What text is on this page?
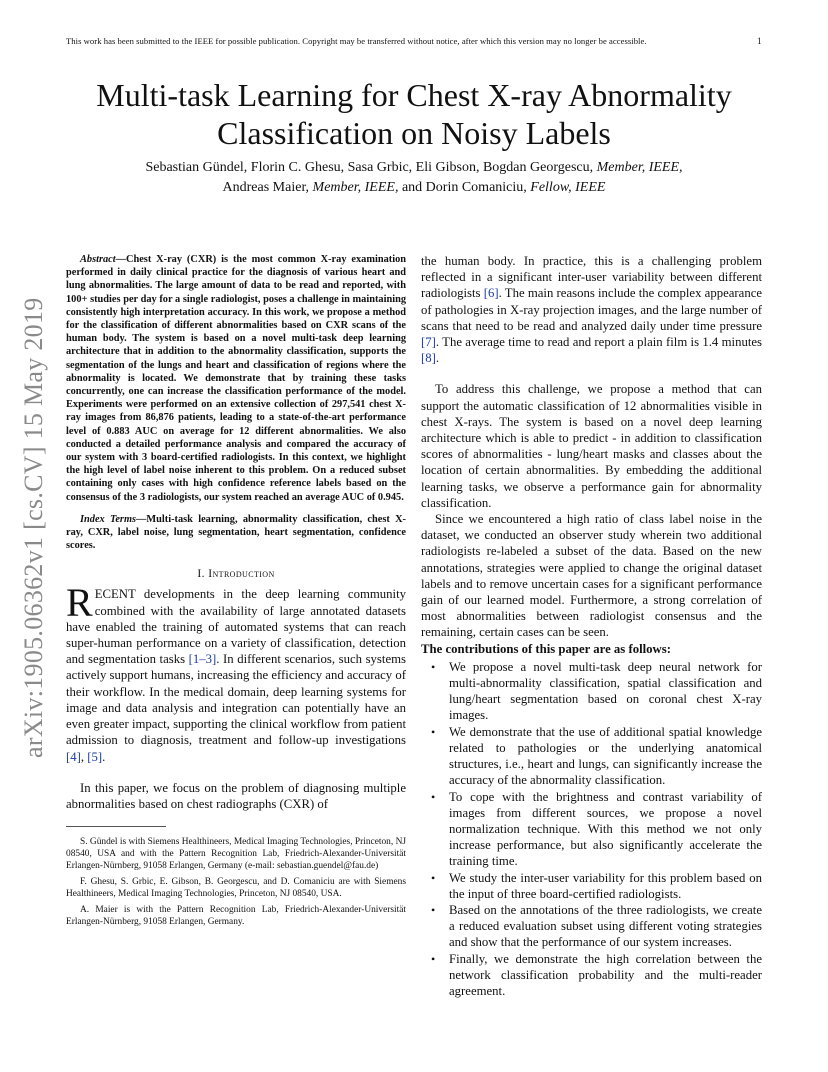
This work has been submitted to the IEEE for possible publication. Copyright may be transferred without notice, after which this version may no longer be accessible.	1
arXiv:1905.06362v1 [cs.CV] 15 May 2019
Multi-task Learning for Chest X-ray Abnormality
Classification on Noisy Labels
Sebastian Gündel, Florin C. Ghesu, Sasa Grbic, Eli Gibson, Bogdan Georgescu, Member, IEEE,
Andreas Maier, Member, IEEE, and Dorin Comaniciu, Fellow, IEEE

Abstract—Chest X-ray (CXR) is the most common X-ray examination performed in daily clinical practice for the diagnosis of various heart and lung abnormalities. The large amount of data to be read and reported, with 100+ studies per day for a single radiologist, poses a challenge in maintaining consistently high interpretation accuracy. In this work, we propose a method for the classification of different abnormalities based on CXR scans of the human body. The system is based on a novel multi-task deep learning architecture that in addition to the abnormality classification, supports the segmentation of the lungs and heart and classification of regions where the abnormality is located. We demonstrate that by training these tasks concurrently, one can increase the classification performance of the model. Experiments were performed on an extensive collection of 297,541 chest X-ray images from 86,876 patients, leading to a state-of-the-art performance level of 0.883 AUC on average for 12 different abnormalities. We also conducted a detailed performance analysis and compared the accuracy of our system with 3 board-certified radiologists. In this context, we highlight the high level of label noise inherent to this problem. On a reduced subset containing only cases with high confidence reference labels based on the consensus of the 3 radiologists, our system reached an average AUC of 0.945.

Index Terms—Multi-task learning, abnormality classification, chest X-ray, CXR, label noise, lung segmentation, heart segmentation, confidence scores.

I. Introduction

RECENT developments in the deep learning community combined with the availability of large annotated datasets have enabled the training of automated systems that can reach super-human performance on a variety of classification, detection and segmentation tasks [1–3]. In different scenarios, such systems actively support humans, increasing the efficiency and accuracy of their workflow. In the medical domain, deep learning systems for image and data analysis and integration can potentially have an even greater impact, supporting the clinical workflow from patient admission to diagnosis, treatment and follow-up investigations [4], [5].

In this paper, we focus on the problem of diagnosing multiple abnormalities based on chest radiographs (CXR) of

S. Gündel is with Siemens Healthineers, Medical Imaging Technologies, Princeton, NJ 08540, USA and with the Pattern Recognition Lab, Friedrich-Alexander-Universität Erlangen-Nürnberg, 91058 Erlangen, Germany (e-mail: sebastian.guendel@fau.de)

F. Ghesu, S. Grbic, E. Gibson, B. Georgescu, and D. Comaniciu are with Siemens Healthineers, Medical Imaging Technologies, Princeton, NJ 08540, USA.

A. Maier is with the Pattern Recognition Lab, Friedrich-Alexander-Universität Erlangen-Nürnberg, 91058 Erlangen, Germany.

the human body. In practice, this is a challenging problem reflected in a significant inter-user variability between different radiologists [6]. The main reasons include the complex appearance of pathologies in X-ray projection images, and the large number of scans that need to be read and analyzed daily under time pressure [7]. The average time to read and report a plain film is 1.4 minutes [8].

To address this challenge, we propose a method that can support the automatic classification of 12 abnormalities visible in chest X-rays. The system is based on a novel deep learning architecture which is able to predict - in addition to classification scores of abnormalities - lung/heart masks and classes about the location of certain abnormalities. By embedding the additional learning tasks, we observe a performance gain for abnormality classification.

Since we encountered a high ratio of class label noise in the dataset, we conducted an observer study wherein two additional radiologists re-labeled a subset of the data. Based on the new annotations, strategies were applied to change the original dataset labels and to remove uncertain cases for a significant performance gain of our learned model. Furthermore, a strong correlation of most abnormalities between radiologist consensus and the remaining, certain cases can be seen.

The contributions of this paper are as follows:

• We propose a novel multi-task deep neural network for multi-abnormality classification, spatial classification and lung/heart segmentation based on coronal chest X-ray images.
• We demonstrate that the use of additional spatial knowledge related to pathologies or the underlying anatomical structures, i.e., heart and lungs, can significantly increase the accuracy of the abnormality classification.
• To cope with the brightness and contrast variability of images from different sources, we propose a novel normalization technique. With this method we not only increase performance, but also significantly accelerate the training time.
• We study the inter-user variability for this problem based on the input of three board-certified radiologists.
• Based on the annotations of the three radiologists, we create a reduced evaluation subset using different voting strategies and show that the performance of our system increases.
• Finally, we demonstrate the high correlation between the network classification probability and the multi-reader agreement.
